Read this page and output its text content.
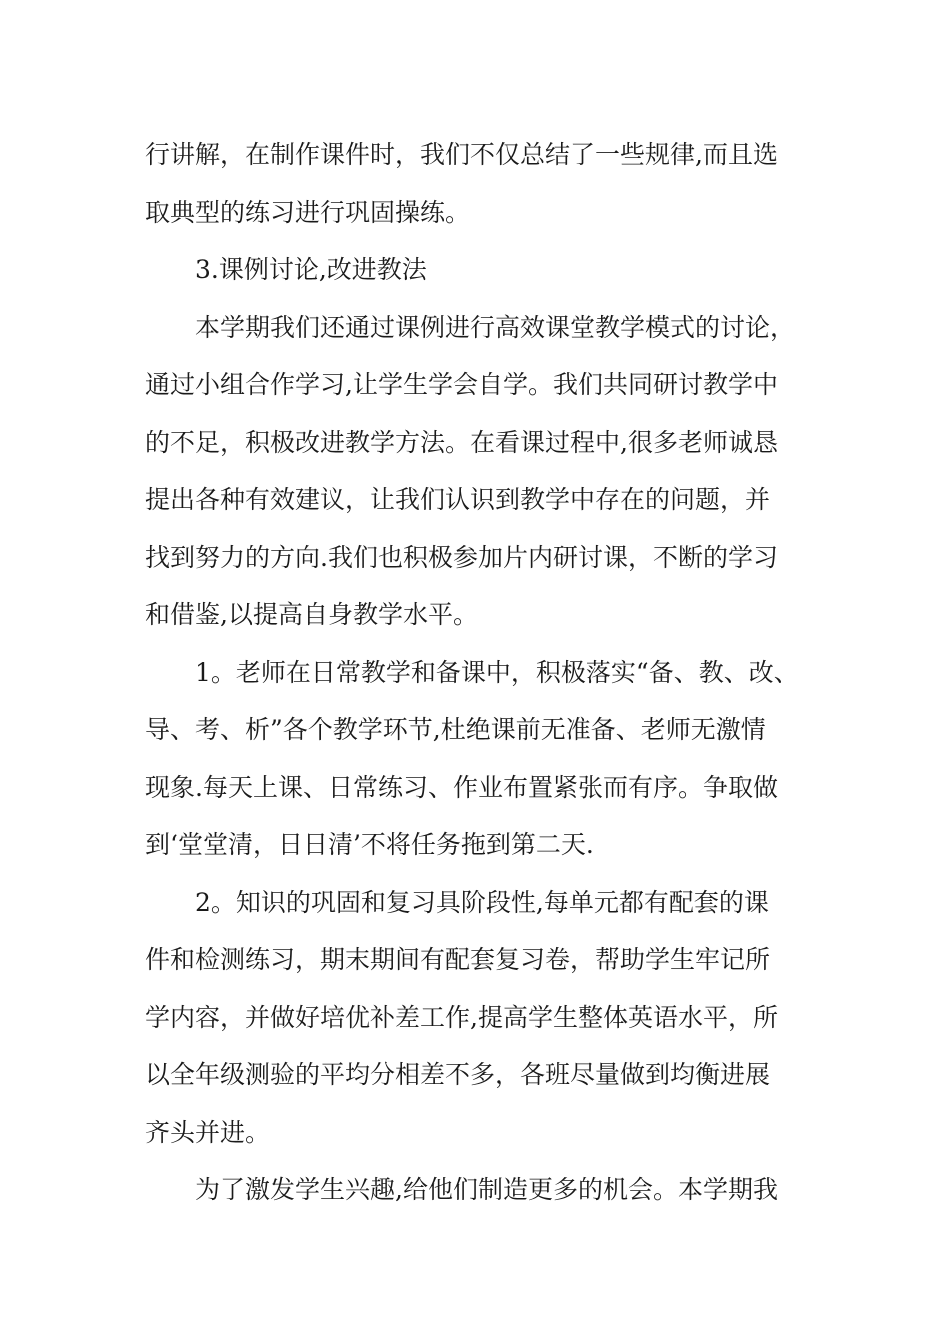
行讲解，在制作课件时，我们不仅总结了一些规律,而且选
取典型的练习进行巩固操练。
3.课例讨论,改进教法
本学期我们还通过课例进行高效课堂教学模式的讨论，
通过小组合作学习,让学生学会自学。我们共同研讨教学中
的不足，积极改进教学方法。在看课过程中,很多老师诚恳
提出各种有效建议，让我们认识到教学中存在的问题，并
找到努力的方向.我们也积极参加片内研讨课，不断的学习
和借鉴,以提高自身教学水平。
1。老师在日常教学和备课中，积极落实“备、教、改、
导、考、析”各个教学环节,杜绝课前无准备、老师无激情
现象.每天上课、日常练习、作业布置紧张而有序。争取做
到‘堂堂清，日日清’不将任务拖到第二天.
2。知识的巩固和复习具阶段性,每单元都有配套的课
件和检测练习，期末期间有配套复习卷，帮助学生牢记所
学内容，并做好培优补差工作,提高学生整体英语水平，所
以全年级测验的平均分相差不多，各班尽量做到均衡进展
齐头并进。
为了激发学生兴趣,给他们制造更多的机会。本学期我
